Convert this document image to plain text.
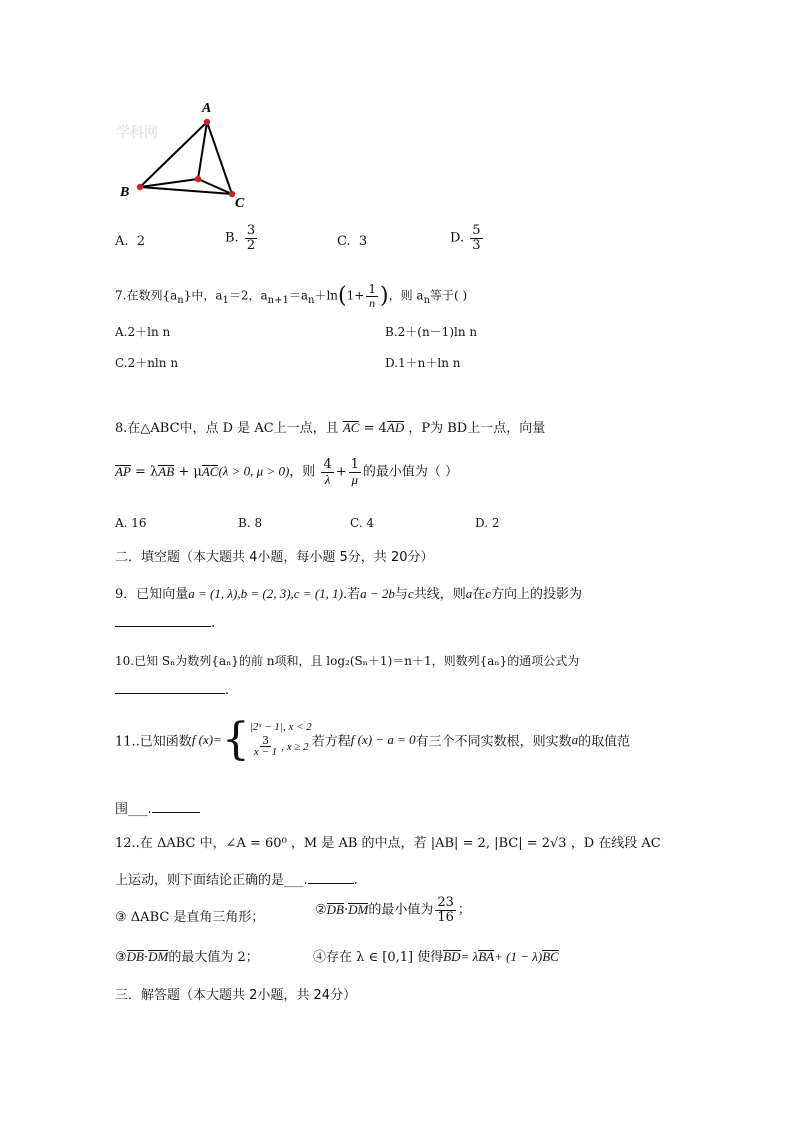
学科网
A
B
C
A. 2	B. $\frac{3}{2}$	C. 3	D. $\frac{5}{3}$
7.在数列$\{a_n\}$中，$a_1=2$，$a_{n+1}=a_n+\ln(1+ \frac{1}{n}$ )，则 $a_n$等于( )
A.2＋ln n	B.2＋(n－1)ln n
C.2＋nln n	D.1＋n＋ln n
8.在△ABC中，点 D 是 AC上一点，且 AC = 4AD ，P为 BD上一点，向量
AP = λAB + μAC(λ > 0, μ > 0)，则 $\frac{4}{\lambda} + \frac{1}{\mu}$ 的最小值为（ ）
A. 16	B. 8	C. 4	D. 2
二．填空题（本大题共 4小题，每小题 5分，共 20分）
9．已知向量a = (1, λ),b = (2, 3),c = (1, 1).若a − 2b与c共线，则a在c方向上的投影为
.
10.已知 Sₙ为数列{aₙ}的前 n项和，且 log₂(Sₙ＋1)＝n＋1，则数列{aₙ}的通项公式为
.
11..已知函数f (x)={ |2ˣ − 1|, x < 2
$\frac{3}{x - 1}$ , x ≥ 2 若方程f (x) − a = 0有三个不同实数根，则实数a的取值范
围___.
12..在 ΔABC 中，∠A = 60⁰ ，M 是 AB 的中点，若 |AB| = 2, |BC| = 2√3 ，D 在线段 AC
上运动，则下面结论正确的是___.	.
③ ΔABC 是直角三角形；	②DB·DM的最小值为 $\frac{23}{16}$ ；
③DB·DM的最大值为 2；	④存在 λ ∈ [0,1] 使得BD= λBA+ (1 − λ)BC
三．解答题（本大题共 2小题，共 24分）
